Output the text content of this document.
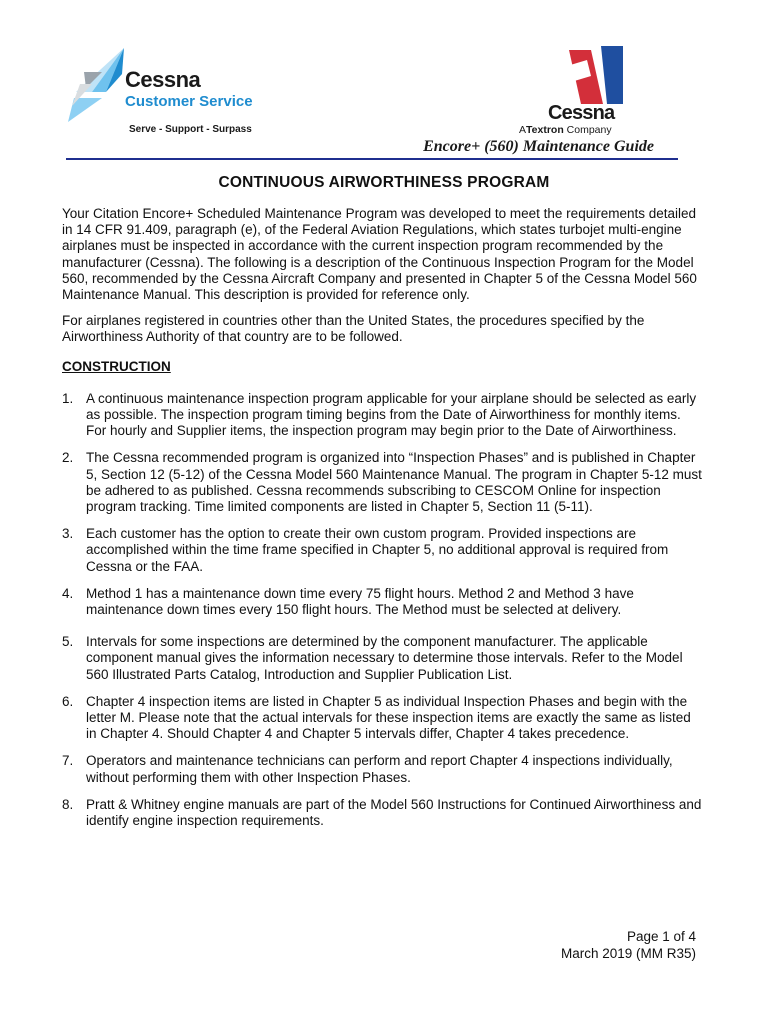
Cessna
Customer Service
Serve - Support - Surpass
Cessna
ATextron Company
Encore+ (560) Maintenance Guide
CONTINUOUS AIRWORTHINESS PROGRAM

Your Citation Encore+ Scheduled Maintenance Program was developed to meet the requirements detailed in 14 CFR 91.409, paragraph (e), of the Federal Aviation Regulations, which states turbojet multi-engine airplanes must be inspected in accordance with the current inspection program recommended by the manufacturer (Cessna). The following is a description of the Continuous Inspection Program for the Model 560, recommended by the Cessna Aircraft Company and presented in Chapter 5 of the Cessna Model 560 Maintenance Manual. This description is provided for reference only.

For airplanes registered in countries other than the United States, the procedures specified by the Airworthiness Authority of that country are to be followed.

CONSTRUCTION
1. A continuous maintenance inspection program applicable for your airplane should be selected as early as possible. The inspection program timing begins from the Date of Airworthiness for monthly items. For hourly and Supplier items, the inspection program may begin prior to the Date of Airworthiness.
2. The Cessna recommended program is organized into “Inspection Phases” and is published in Chapter 5, Section 12 (5-12) of the Cessna Model 560 Maintenance Manual. The program in Chapter 5-12 must be adhered to as published. Cessna recommends subscribing to CESCOM Online for inspection program tracking. Time limited components are listed in Chapter 5, Section 11 (5-11).
3. Each customer has the option to create their own custom program. Provided inspections are accomplished within the time frame specified in Chapter 5, no additional approval is required from Cessna or the FAA.
4. Method 1 has a maintenance down time every 75 flight hours. Method 2 and Method 3 have maintenance down times every 150 flight hours. The Method must be selected at delivery.
5. Intervals for some inspections are determined by the component manufacturer. The applicable component manual gives the information necessary to determine those intervals. Refer to the Model 560 Illustrated Parts Catalog, Introduction and Supplier Publication List.
6. Chapter 4 inspection items are listed in Chapter 5 as individual Inspection Phases and begin with the letter M. Please note that the actual intervals for these inspection items are exactly the same as listed in Chapter 4. Should Chapter 4 and Chapter 5 intervals differ, Chapter 4 takes precedence.
7. Operators and maintenance technicians can perform and report Chapter 4 inspections individually, without performing them with other Inspection Phases.
8. Pratt & Whitney engine manuals are part of the Model 560 Instructions for Continued Airworthiness and identify engine inspection requirements.
Page 1 of 4
March 2019 (MM R35)
